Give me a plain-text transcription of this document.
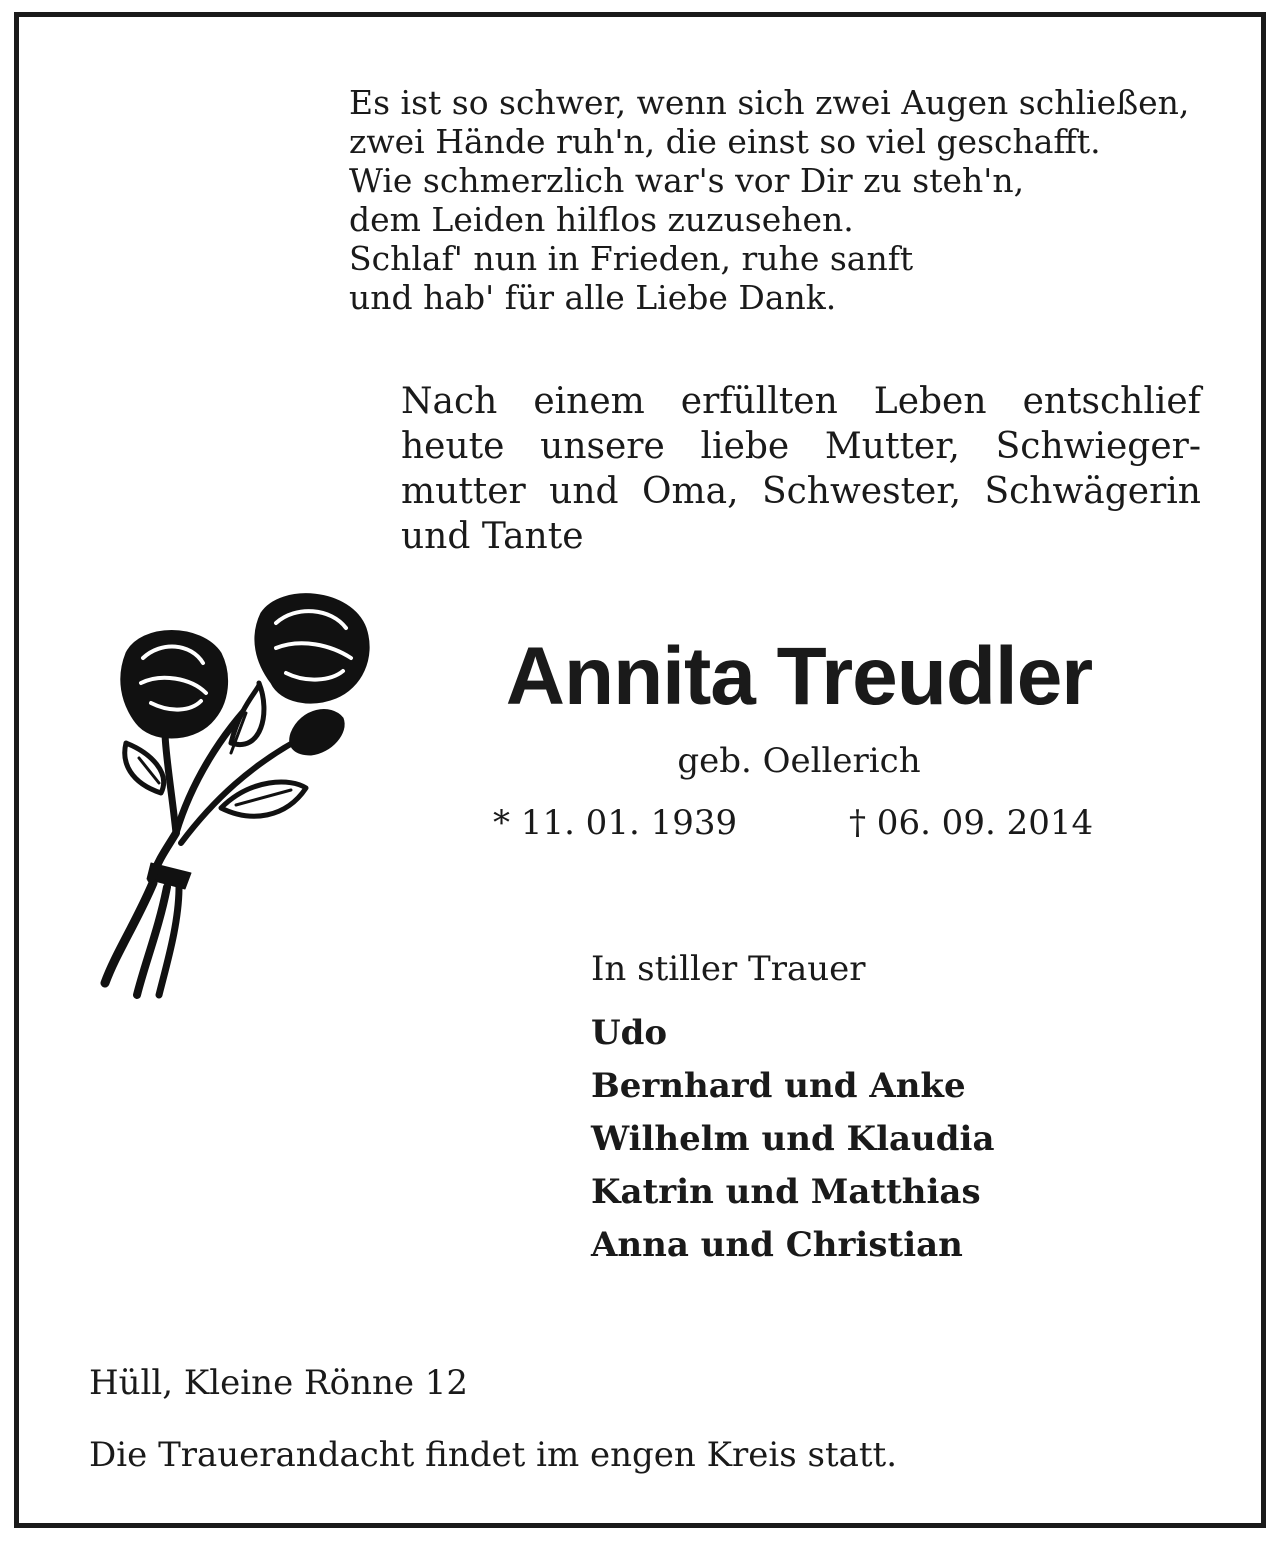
Es ist so schwer, wenn sich zwei Augen schließen,
zwei Hände ruh'n, die einst so viel geschafft.
Wie schmerzlich war's vor Dir zu steh'n,
dem Leiden hilflos zuzusehen.
Schlaf' nun in Frieden, ruhe sanft
und hab' für alle Liebe Dank.
Nach einem erfüllten Leben entschlief
heute unsere liebe Mutter, Schwieger-
mutter und Oma, Schwester, Schwägerin
und Tante
Annita Treudler
geb. Oellerich
* 11. 01. 1939	† 06. 09. 2014
In stiller Trauer
Udo
Bernhard und Anke
Wilhelm und Klaudia
Katrin und Matthias
Anna und Christian
Hüll, Kleine Rönne 12
Die Trauerandacht findet im engen Kreis statt.
